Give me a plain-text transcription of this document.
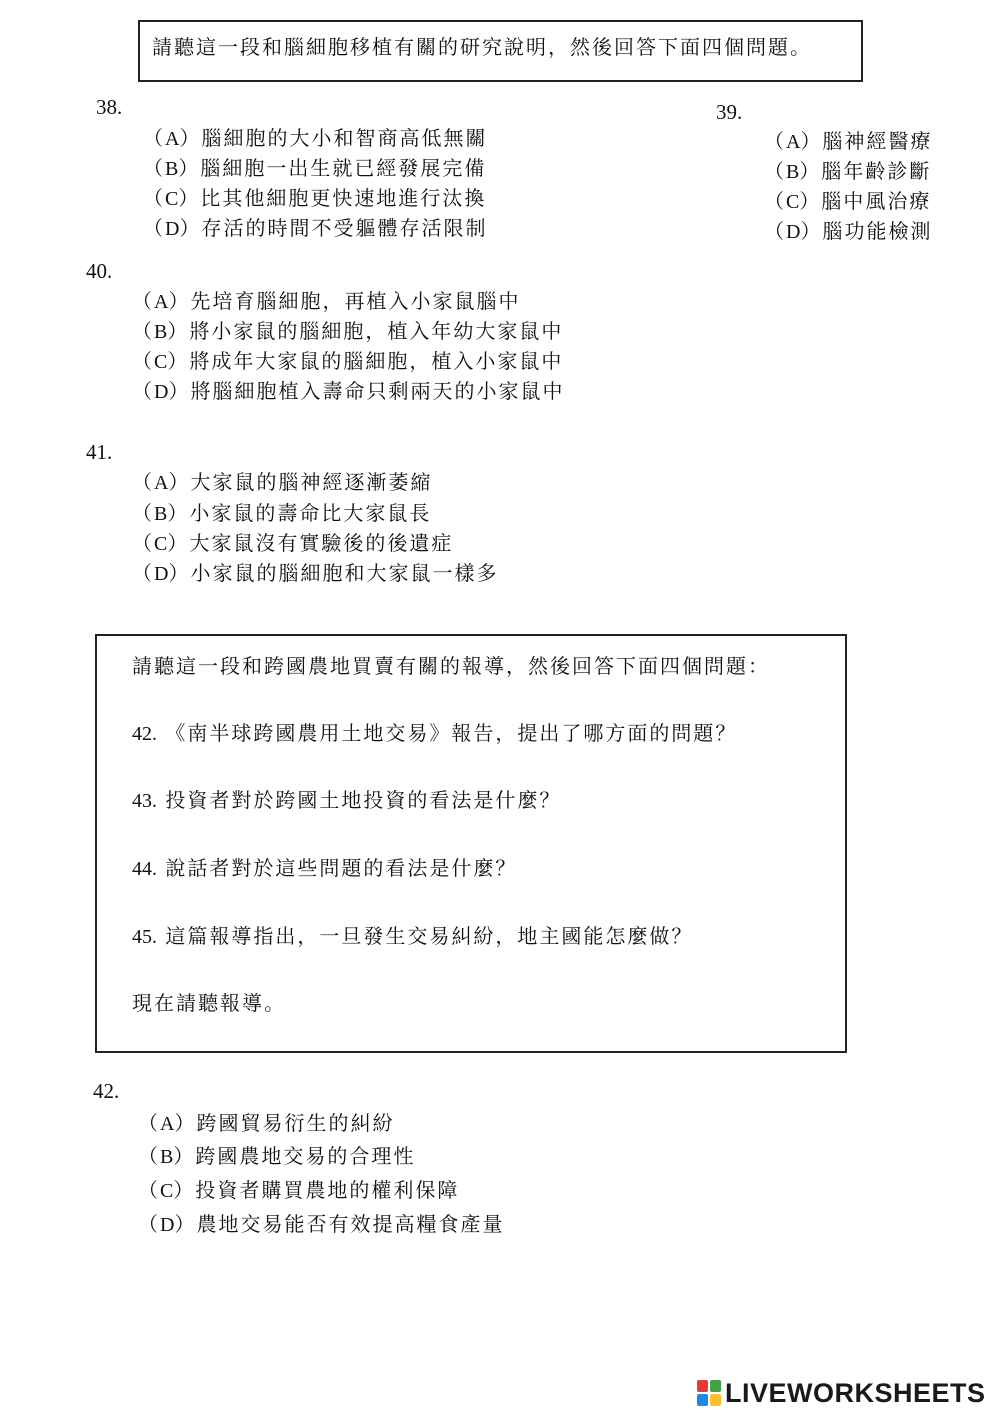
請聽這一段和腦細胞移植有關的研究說明，然後回答下面四個問題。
38.
（A）腦細胞的大小和智商高低無關
（B）腦細胞一出生就已經發展完備
（C）比其他細胞更快速地進行汰換
（D）存活的時間不受軀體存活限制
39.
（A）腦神經醫療
（B）腦年齡診斷
（C）腦中風治療
（D）腦功能檢測
40.
（A）先培育腦細胞，再植入小家鼠腦中
（B）將小家鼠的腦細胞，植入年幼大家鼠中
（C）將成年大家鼠的腦細胞，植入小家鼠中
（D）將腦細胞植入壽命只剩兩天的小家鼠中
41.
（A）大家鼠的腦神經逐漸萎縮
（B）小家鼠的壽命比大家鼠長
（C）大家鼠沒有實驗後的後遺症
（D）小家鼠的腦細胞和大家鼠一樣多
請聽這一段和跨國農地買賣有關的報導，然後回答下面四個問題：
42. 《南半球跨國農用土地交易》報告，提出了哪方面的問題？
43. 投資者對於跨國土地投資的看法是什麼？
44. 說話者對於這些問題的看法是什麼？
45. 這篇報導指出，一旦發生交易糾紛，地主國能怎麼做？
現在請聽報導。
42.
（A）跨國貿易衍生的糾紛
（B）跨國農地交易的合理性
（C）投資者購買農地的權利保障
（D）農地交易能否有效提高糧食產量
LIVEWORKSHEETS
